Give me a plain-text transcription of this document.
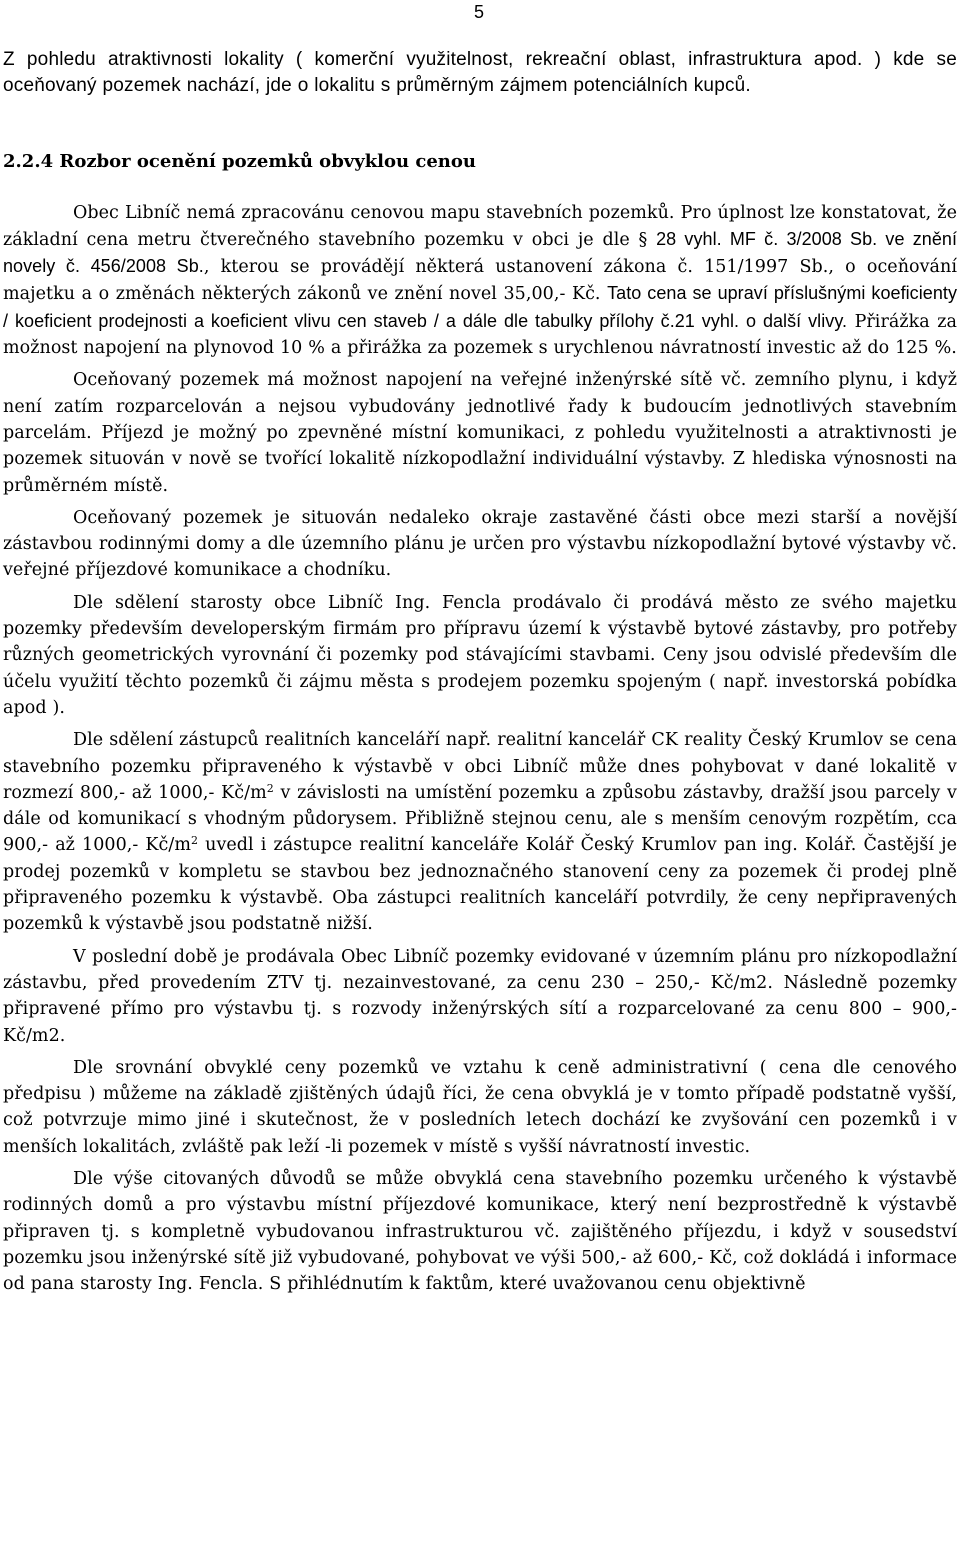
5

Z pohledu atraktivnosti lokality ( komerční využitelnost, rekreační oblast, infrastruktura apod. ) kde se oceňovaný pozemek nachází, jde o lokalitu s průměrným zájmem potenciálních kupců.

2.2.4 Rozbor ocenění pozemků obvyklou cenou

Obec Libníč nemá zpracovánu cenovou mapu stavebních pozemků. Pro úplnost lze konstatovat, že základní cena metru čtverečného stavebního pozemku v obci je dle § 28 vyhl. MF č. 3/2008 Sb. ve znění novely č. 456/2008 Sb., kterou se provádějí některá ustanovení zákona č. 151/1997 Sb., o oceňování majetku a o změnách některých zákonů ve znění novel 35,00,- Kč. Tato cena se upraví příslušnými koeficienty / koeficient prodejnosti a koeficient vlivu cen staveb / a dále dle tabulky přílohy č.21 vyhl. o další vlivy. Přirážka za možnost napojení na plynovod 10 % a přirážka za pozemek s urychlenou návratností investic až do 125 %.

Oceňovaný pozemek má možnost napojení na veřejné inženýrské sítě vč. zemního plynu, i když není zatím rozparcelován a nejsou vybudovány jednotlivé řady k budoucím jednotlivých stavebním parcelám. Příjezd je možný po zpevněné místní komunikaci, z pohledu využitelnosti a atraktivnosti je pozemek situován v nově se tvořící lokalitě nízkopodlažní individuální výstavby. Z hlediska výnosnosti na průměrném místě.

Oceňovaný pozemek je situován nedaleko okraje zastavěné části obce mezi starší a novější zástavbou rodinnými domy a dle územního plánu je určen pro výstavbu nízkopodlažní bytové výstavby vč. veřejné příjezdové komunikace a chodníku.

Dle sdělení starosty obce Libníč Ing. Fencla prodávalo či prodává město ze svého majetku pozemky především developerským firmám pro přípravu území k výstavbě bytové zástavby, pro potřeby různých geometrických vyrovnání či pozemky pod stávajícími stavbami. Ceny jsou odvislé především dle účelu využití těchto pozemků či zájmu města s prodejem pozemku spojeným ( např. investorská pobídka apod ).

Dle sdělení zástupců realitních kanceláří např. realitní kancelář CK reality Český Krumlov se cena stavebního pozemku připraveného k výstavbě v obci Libníč může dnes pohybovat v dané lokalitě v rozmezí 800,- až 1000,- $Kč/m^2$ v závislosti na umístění pozemku a způsobu zástavby, dražší jsou parcely v dále od komunikací s vhodným půdorysem. Přibližně stejnou cenu, ale s menším cenovým rozpětím, cca 900,- až 1000,- $Kč/m^2$ uvedl i zástupce realitní kanceláře Kolář Český Krumlov pan ing. Kolář. Častější je prodej pozemků v kompletu se stavbou bez jednoznačného stanovení ceny za pozemek či prodej plně připraveného pozemku k výstavbě. Oba zástupci realitních kanceláří potvrdily, že ceny nepřipravených pozemků k výstavbě jsou podstatně nižší.

V poslední době je prodávala Obec Libníč pozemky evidované v územním plánu pro nízkopodlažní zástavbu, před provedením ZTV tj. nezainvestované, za cenu 230 – 250,- Kč/m2. Následně pozemky připravené přímo pro výstavbu tj. s rozvody inženýrských sítí a rozparcelované za cenu 800 – 900,- Kč/m2.

Dle srovnání obvyklé ceny pozemků ve vztahu k ceně administrativní ( cena dle cenového předpisu ) můžeme na základě zjištěných údajů říci, že cena obvyklá je v tomto případě podstatně vyšší, což potvrzuje mimo jiné i skutečnost, že v posledních letech dochází ke zvyšování cen pozemků i v menších lokalitách, zvláště pak leží -li pozemek v místě s vyšší návratností investic.

Dle výše citovaných důvodů se může obvyklá cena stavebního pozemku určeného k výstavbě rodinných domů a pro výstavbu místní příjezdové komunikace, který není bezprostředně k výstavbě připraven tj. s kompletně vybudovanou infrastrukturou vč. zajištěného příjezdu, i když v sousedství pozemku jsou inženýrské sítě již vybudované, pohybovat ve výši 500,- až 600,- Kč, což dokládá i informace od pana starosty Ing. Fencla. S přihlédnutím k faktům, které uvažovanou cenu objektivně
